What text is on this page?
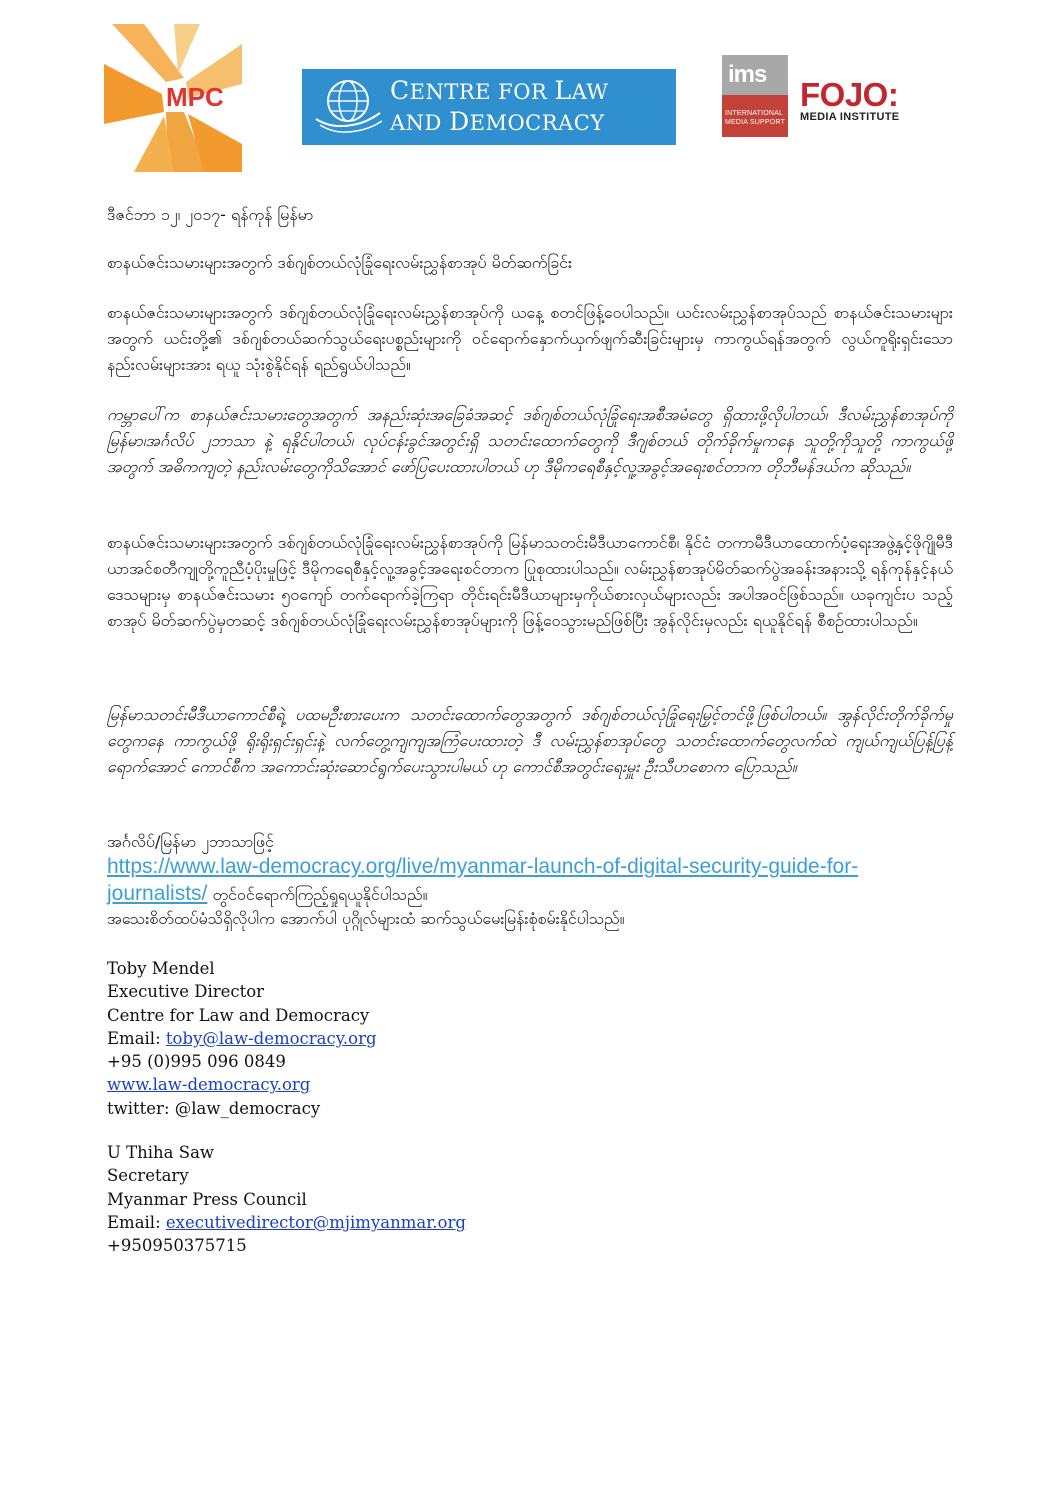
MPC	CENTRE FOR LAW
AND DEMOCRACY
ims
INTERNATIONAL MEDIA SUPPORT
FOJO:
MEDIA INSTITUTE
ဒီဇင်ဘာ ၁၂၊ ၂၀၁၇- ရန်ကုန် မြန်မာ
စာနယ်ဇင်းသမားများအတွက် ဒစ်ဂျစ်တယ်လုံခြုံရေးလမ်းညွှန်စာအုပ် မိတ်ဆက်ခြင်း
စာနယ်ဇင်းသမားများအတွက် ဒစ်ဂျစ်တယ်လုံခြုံရေးလမ်းညွှန်စာအုပ်ကို ယနေ့ စတင်ဖြန့်ဝေပါသည်။ ယင်းလမ်းညွှန်စာအုပ်သည် စာနယ်ဇင်းသမားများအတွက် ယင်းတို့၏ ဒစ်ဂျစ်တယ်ဆက်သွယ်ရေးပစ္စည်းများကို ဝင်ရောက်နှောက်ယှက်ဖျက်ဆီးခြင်းများမှ ကာကွယ်ရန်အတွက် လွယ်ကူရိုးရှင်းသောနည်းလမ်းများအား ရယူ သုံးစွဲနိုင်ရန် ရည်ရွယ်ပါသည်။
ကမ္ဘာပေါ်က စာနယ်ဇင်းသမားတွေအတွက် အနည်းဆုံးအခြေခံအဆင့် ဒစ်ဂျစ်တယ်လုံခြုံရေးအစီအမံတွေ ရှိထားဖို့လိုပါတယ်၊ ဒီလမ်းညွှန်စာအုပ်ကို မြန်မာ၊အင်္ဂလိပ် ၂ဘာသာ နဲ့ ရနိုင်ပါတယ်၊ လုပ်ငန်းခွင်အတွင်းရှိ သတင်းထောက်တွေကို ဒီဂျစ်တယ် တိုက်ခိုက်မှုကနေ သူတို့ကိုသူတို့ ကာကွယ်ဖို့အတွက် အဓိကကျတဲ့ နည်းလမ်းတွေကိုသိအောင် ဖော်ပြပေးထားပါတယ် ဟု ဒီမိုကရေစီနှင့်လူ့အခွင့်အရေးစင်တာက တိုဘီမန်ဒယ်က ဆိုသည်။
စာနယ်ဇင်းသမားများအတွက် ဒစ်ဂျစ်တယ်လုံခြုံရေးလမ်းညွှန်စာအုပ်ကို မြန်မာသတင်းမီဒီယာကောင်စီ၊ နိုင်ငံ တကာမီဒီယာထောက်ပံ့ရေးအဖွဲ့နှင့်ဖိုဂျိုမီဒီယာအင်စတီကျုတို့ကူညီပံ့ပိုးမှုဖြင့် ဒီမိုကရေစီနှင့်လူ့အခွင့်အရေးစင်တာက ပြုစုထားပါသည်။ လမ်းညွှန်စာအုပ်မိတ်ဆက်ပွဲအခန်းအနားသို့ ရန်ကုန်နှင့်နယ်ဒေသများမှ စာနယ်ဇင်းသမား ၅၀ကျော် တက်ရောက်ခဲ့ကြရာ တိုင်းရင်းမီဒီယာများမှကိုယ်စားလှယ်များလည်း အပါအဝင်ဖြစ်သည်။ ယခုကျင်းပ သည့်စာအုပ် မိတ်ဆက်ပွဲမှတဆင့် ဒစ်ဂျစ်တယ်လုံခြုံရေးလမ်းညွှန်စာအုပ်များကို ဖြန့်ဝေသွားမည်ဖြစ်ပြီး အွန်လိုင်းမှလည်း ရယူနိုင်ရန် စီစဉ်ထားပါသည်။
မြန်မာသတင်းမီဒီယာကောင်စီရဲ့ ပထမဦးစားပေးက သတင်းထောက်တွေအတွက် ဒစ်ဂျစ်တယ်လုံခြုံရေးမြှင့်တင်ဖို့ဖြစ်ပါတယ်။ အွန်လိုင်းတိုက်ခိုက်မှုတွေကနေ ကာကွယ်ဖို့ ရိုးရိုးရှင်းရှင်းနဲ့ လက်တွေ့ကျကျအကြံပေးထားတဲ့ ဒီ လမ်းညွှန်စာအုပ်တွေ သတင်းထောက်တွေလက်ထဲ ကျယ်ကျယ်ပြန့်ပြန့် ရောက်အောင် ကောင်စီက အကောင်းဆုံးဆောင်ရွက်ပေးသွားပါမယ် ဟု ကောင်စီအတွင်းရေးမှူး ဦးသီဟစောက ပြောသည်။
အင်္ဂလိပ်/မြန်မာ ၂ဘာသာဖြင့်
https://www.law-democracy.org/live/myanmar-launch-of-digital-security-guide-for-
journalists/ တွင်ဝင်ရောက်ကြည့်ရှုရယူနိုင်ပါသည်။
အသေးစိတ်ထပ်မံသိရှိလိုပါက အောက်ပါ ပုဂ္ဂိုလ်များထံ ဆက်သွယ်မေးမြန်းစုံစမ်းနိုင်ပါသည်။
Toby Mendel
Executive Director
Centre for Law and Democracy
Email: toby@law-democracy.org
+95 (0)995 096 0849
www.law-democracy.org
twitter: @law_democracy
U Thiha Saw
Secretary
Myanmar Press Council
Email: executivedirector@mjimyanmar.org
+950950375715
